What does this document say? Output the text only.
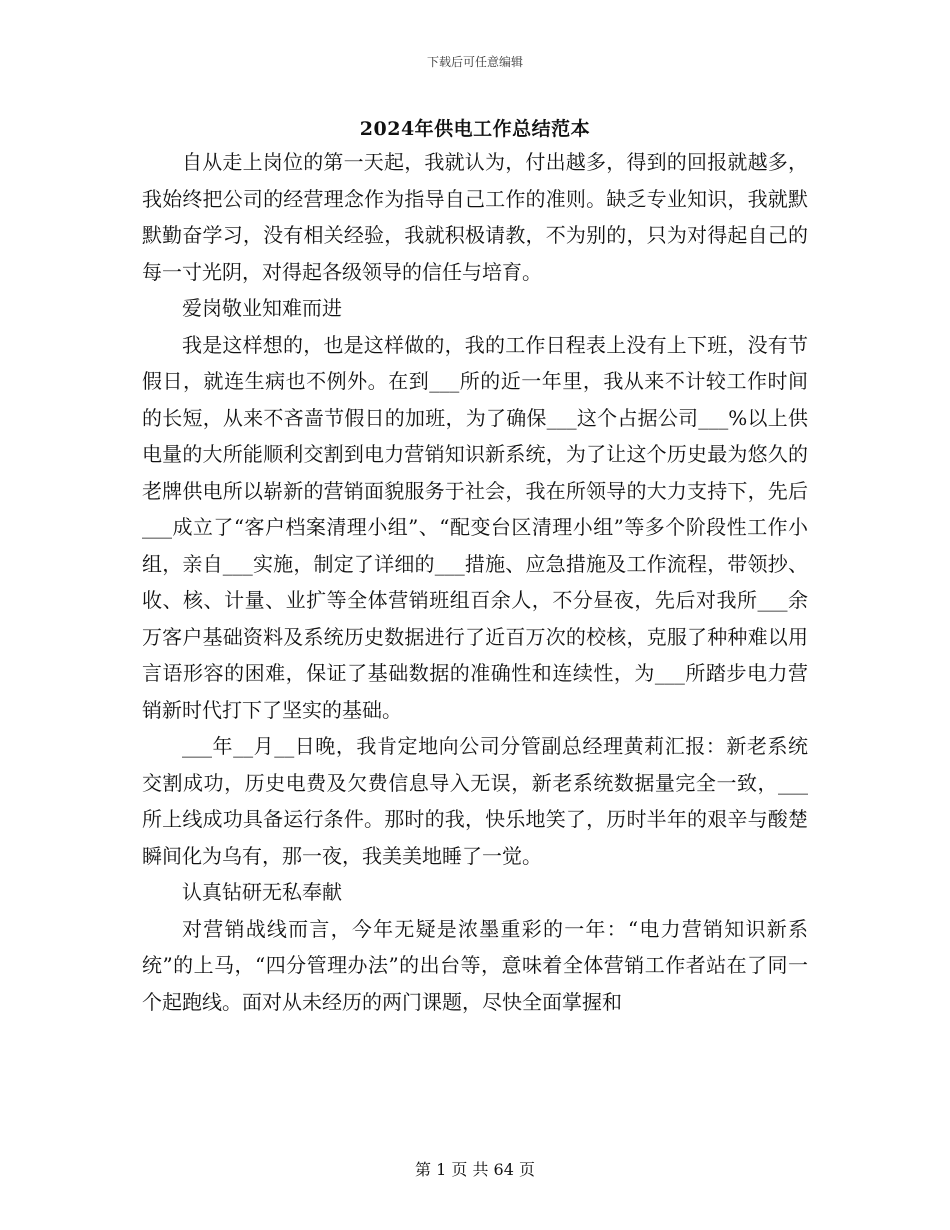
下载后可任意编辑
2024年供电工作总结范本

自从走上岗位的第一天起，我就认为，付出越多，得到的回报就越多，我始终把公司的经营理念作为指导自己工作的准则。缺乏专业知识，我就默默勤奋学习，没有相关经验，我就积极请教，不为别的，只为对得起自己的每一寸光阴，对得起各级领导的信任与培育。

爱岗敬业知难而进

我是这样想的，也是这样做的，我的工作日程表上没有上下班，没有节假日，就连生病也不例外。在到___所的近一年里，我从来不计较工作时间的长短，从来不吝啬节假日的加班，为了确保___这个占据公司___%以上供电量的大所能顺利交割到电力营销知识新系统，为了让这个历史最为悠久的老牌供电所以崭新的营销面貌服务于社会，我在所领导的大力支持下，先后___成立了“客户档案清理小组”、“配变台区清理小组”等多个阶段性工作小组，亲自___实施，制定了详细的___措施、应急措施及工作流程，带领抄、收、核、计量、业扩等全体营销班组百余人，不分昼夜，先后对我所___余万客户基础资料及系统历史数据进行了近百万次的校核，克服了种种难以用言语形容的困难，保证了基础数据的准确性和连续性，为___所踏步电力营销新时代打下了坚实的基础。

___年__月__日晚，我肯定地向公司分管副总经理黄莉汇报：新老系统交割成功，历史电费及欠费信息导入无误，新老系统数据量完全一致，___所上线成功具备运行条件。那时的我，快乐地笑了，历时半年的艰辛与酸楚瞬间化为乌有，那一夜，我美美地睡了一觉。

认真钻研无私奉献

对营销战线而言，今年无疑是浓墨重彩的一年：“电力营销知识新系统”的上马，“四分管理办法”的出台等，意味着全体营销工作者站在了同一个起跑线。面对从未经历的两门课题，尽快全面掌握和

第 1 页 共 64 页
